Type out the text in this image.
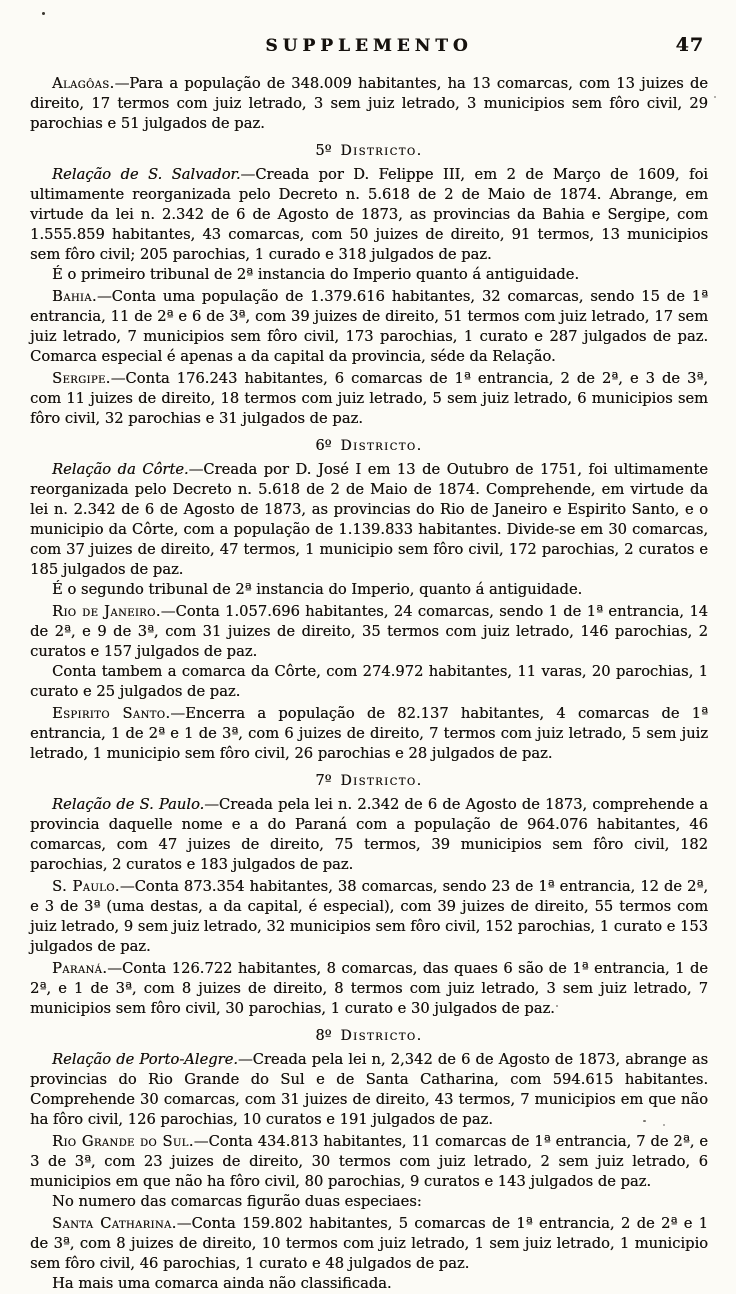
SUPPLEMENTO	47

Alagôas.—Para a população de 348.009 habitantes, ha 13 comarcas, com 13 juizes de direito, 17 termos com juiz letrado, 3 sem juiz letrado, 3 municipios sem fôro civil, 29 parochias e 51 julgados de paz.

5º Districto.

Relação de S. Salvador.—Creada por D. Felippe III, em 2 de Março de 1609, foi ultimamente reorganizada pelo Decreto n. 5.618 de 2 de Maio de 1874. Abrange, em virtude da lei n. 2.342 de 6 de Agosto de 1873, as provincias da Bahia e Sergipe, com 1.555.859 habitantes, 43 comarcas, com 50 juizes de direito, 91 termos, 13 municipios sem fôro civil; 205 parochias, 1 curado e 318 julgados de paz.

É o primeiro tribunal de 2ª instancia do Imperio quanto á antiguidade.

Bahia.—Conta uma população de 1.379.616 habitantes, 32 comarcas, sendo 15 de 1ª entrancia, 11 de 2ª e 6 de 3ª, com 39 juizes de direito, 51 termos com juiz letrado, 17 sem juiz letrado, 7 municipios sem fôro civil, 173 parochias, 1 curato e 287 julgados de paz. Comarca especial é apenas a da capital da provincia, séde da Relação.

Sergipe.—Conta 176.243 habitantes, 6 comarcas de 1ª entrancia, 2 de 2ª, e 3 de 3ª, com 11 juizes de direito, 18 termos com juiz letrado, 5 sem juiz letrado, 6 municipios sem fôro civil, 32 parochias e 31 julgados de paz.

6º Districto.

Relação da Côrte.—Creada por D. José I em 13 de Outubro de 1751, foi ultimamente reorganizada pelo Decreto n. 5.618 de 2 de Maio de 1874. Comprehende, em virtude da lei n. 2.342 de 6 de Agosto de 1873, as provincias do Rio de Janeiro e Espirito Santo, e o municipio da Côrte, com a população de 1.139.833 habitantes. Divide-se em 30 comarcas, com 37 juizes de direito, 47 termos, 1 municipio sem fôro civil, 172 parochias, 2 curatos e 185 julgados de paz.

É o segundo tribunal de 2ª instancia do Imperio, quanto á antiguidade.

Rio de Janeiro.—Conta 1.057.696 habitantes, 24 comarcas, sendo 1 de 1ª entrancia, 14 de 2ª, e 9 de 3ª, com 31 juizes de direito, 35 termos com juiz letrado, 146 parochias, 2 curatos e 157 julgados de paz.

Conta tambem a comarca da Côrte, com 274.972 habitantes, 11 varas, 20 parochias, 1 curato e 25 julgados de paz.

Espirito Santo.—Encerra a população de 82.137 habitantes, 4 comarcas de 1ª entrancia, 1 de 2ª e 1 de 3ª, com 6 juizes de direito, 7 termos com juiz letrado, 5 sem juiz letrado, 1 municipio sem fôro civil, 26 parochias e 28 julgados de paz.

7º Districto.

Relação de S. Paulo.—Creada pela lei n. 2.342 de 6 de Agosto de 1873, comprehende a provincia daquelle nome e a do Paraná com a população de 964.076 habitantes, 46 comarcas, com 47 juizes de direito, 75 termos, 39 municipios sem fôro civil, 182 parochias, 2 curatos e 183 julgados de paz.

S. Paulo.—Conta 873.354 habitantes, 38 comarcas, sendo 23 de 1ª entrancia, 12 de 2ª, e 3 de 3ª (uma destas, a da capital, é especial), com 39 juizes de direito, 55 termos com juiz letrado, 9 sem juiz letrado, 32 municipios sem fôro civil, 152 parochias, 1 curato e 153 julgados de paz.

Paraná.—Conta 126.722 habitantes, 8 comarcas, das quaes 6 são de 1ª entrancia, 1 de 2ª, e 1 de 3ª, com 8 juizes de direito, 8 termos com juiz letrado, 3 sem juiz letrado, 7 municipios sem fôro civil, 30 parochias, 1 curato e 30 julgados de paz.

8º Districto.

Relação de Porto-Alegre.—Creada pela lei n, 2,342 de 6 de Agosto de 1873, abrange as provincias do Rio Grande do Sul e de Santa Catharina, com 594.615 habitantes. Comprehende 30 comarcas, com 31 juizes de direito, 43 termos, 7 municipios em que não ha fôro civil, 126 parochias, 10 curatos e 191 julgados de paz.

Rio Grande do Sul.—Conta 434.813 habitantes, 11 comarcas de 1ª entrancia, 7 de 2ª, e 3 de 3ª, com 23 juizes de direito, 30 termos com juiz letrado, 2 sem juiz letrado, 6 municipios em que não ha fôro civil, 80 parochias, 9 curatos e 143 julgados de paz.

No numero das comarcas figurão duas especiaes:

Santa Catharina.—Conta 159.802 habitantes, 5 comarcas de 1ª entrancia, 2 de 2ª e 1 de 3ª, com 8 juizes de direito, 10 termos com juiz letrado, 1 sem juiz letrado, 1 municipio sem fôro civil, 46 parochias, 1 curato e 48 julgados de paz.

Ha mais uma comarca ainda não classificada.
